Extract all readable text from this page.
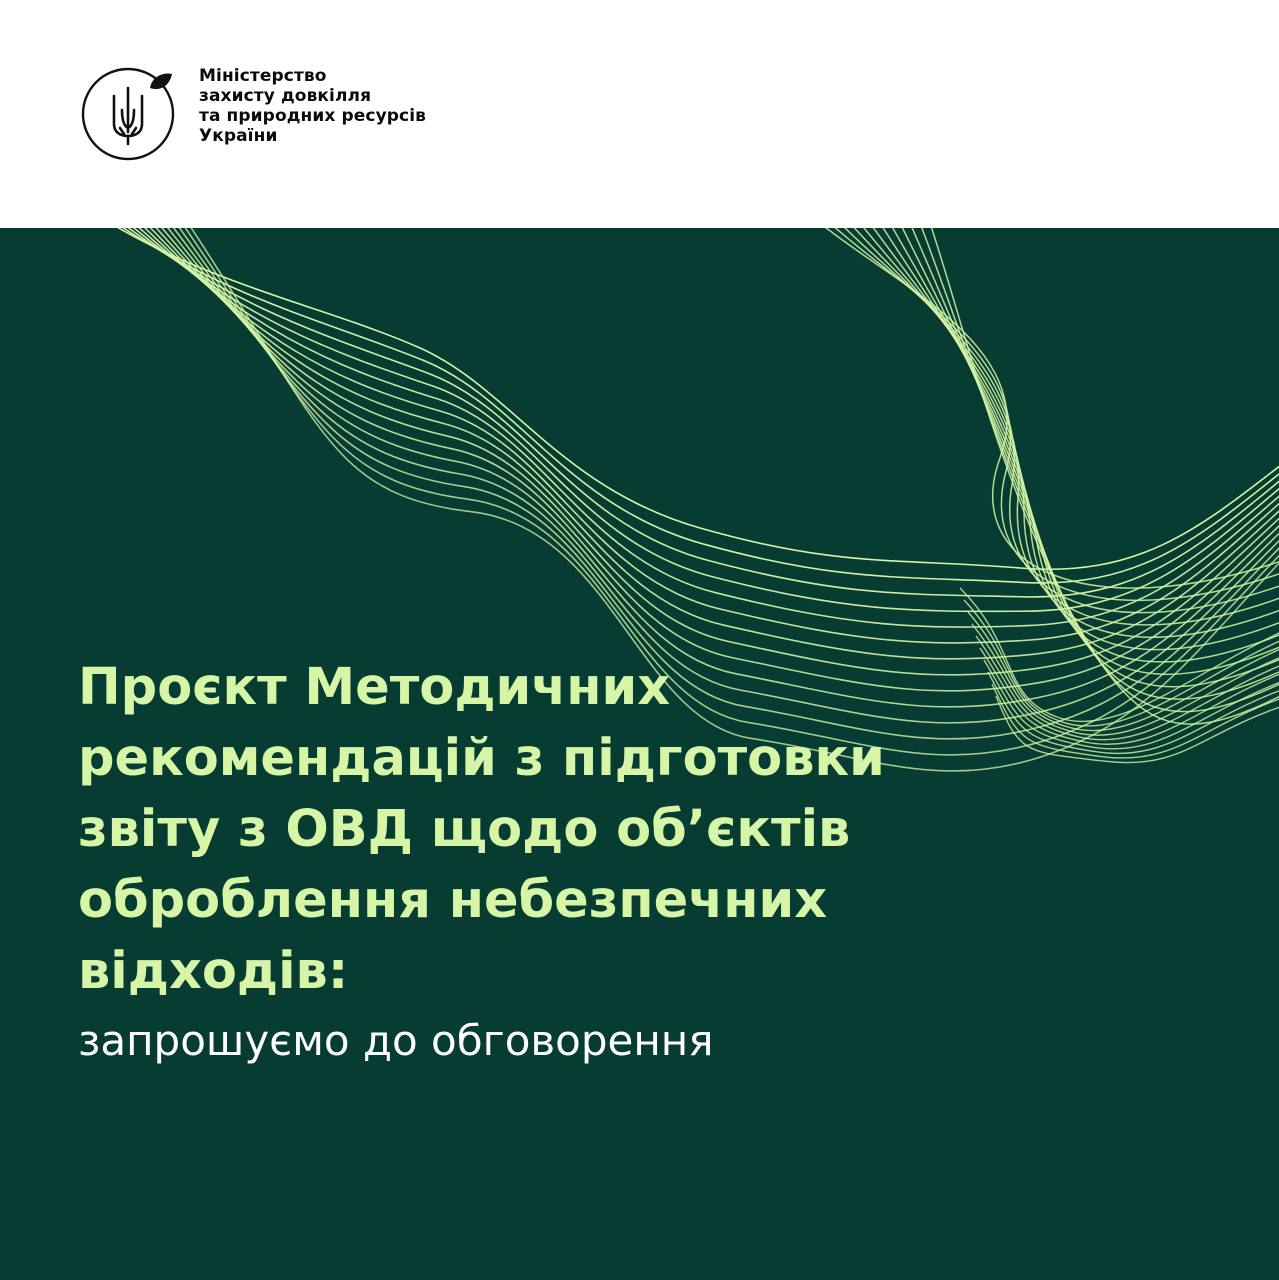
Міністерство
захисту довкілля
та природних ресурсів
України
Проєкт Методичних
рекомендацій з підготовки
звіту з ОВД щодо об’єктів
оброблення небезпечних
відходів:
запрошуємо до обговорення
